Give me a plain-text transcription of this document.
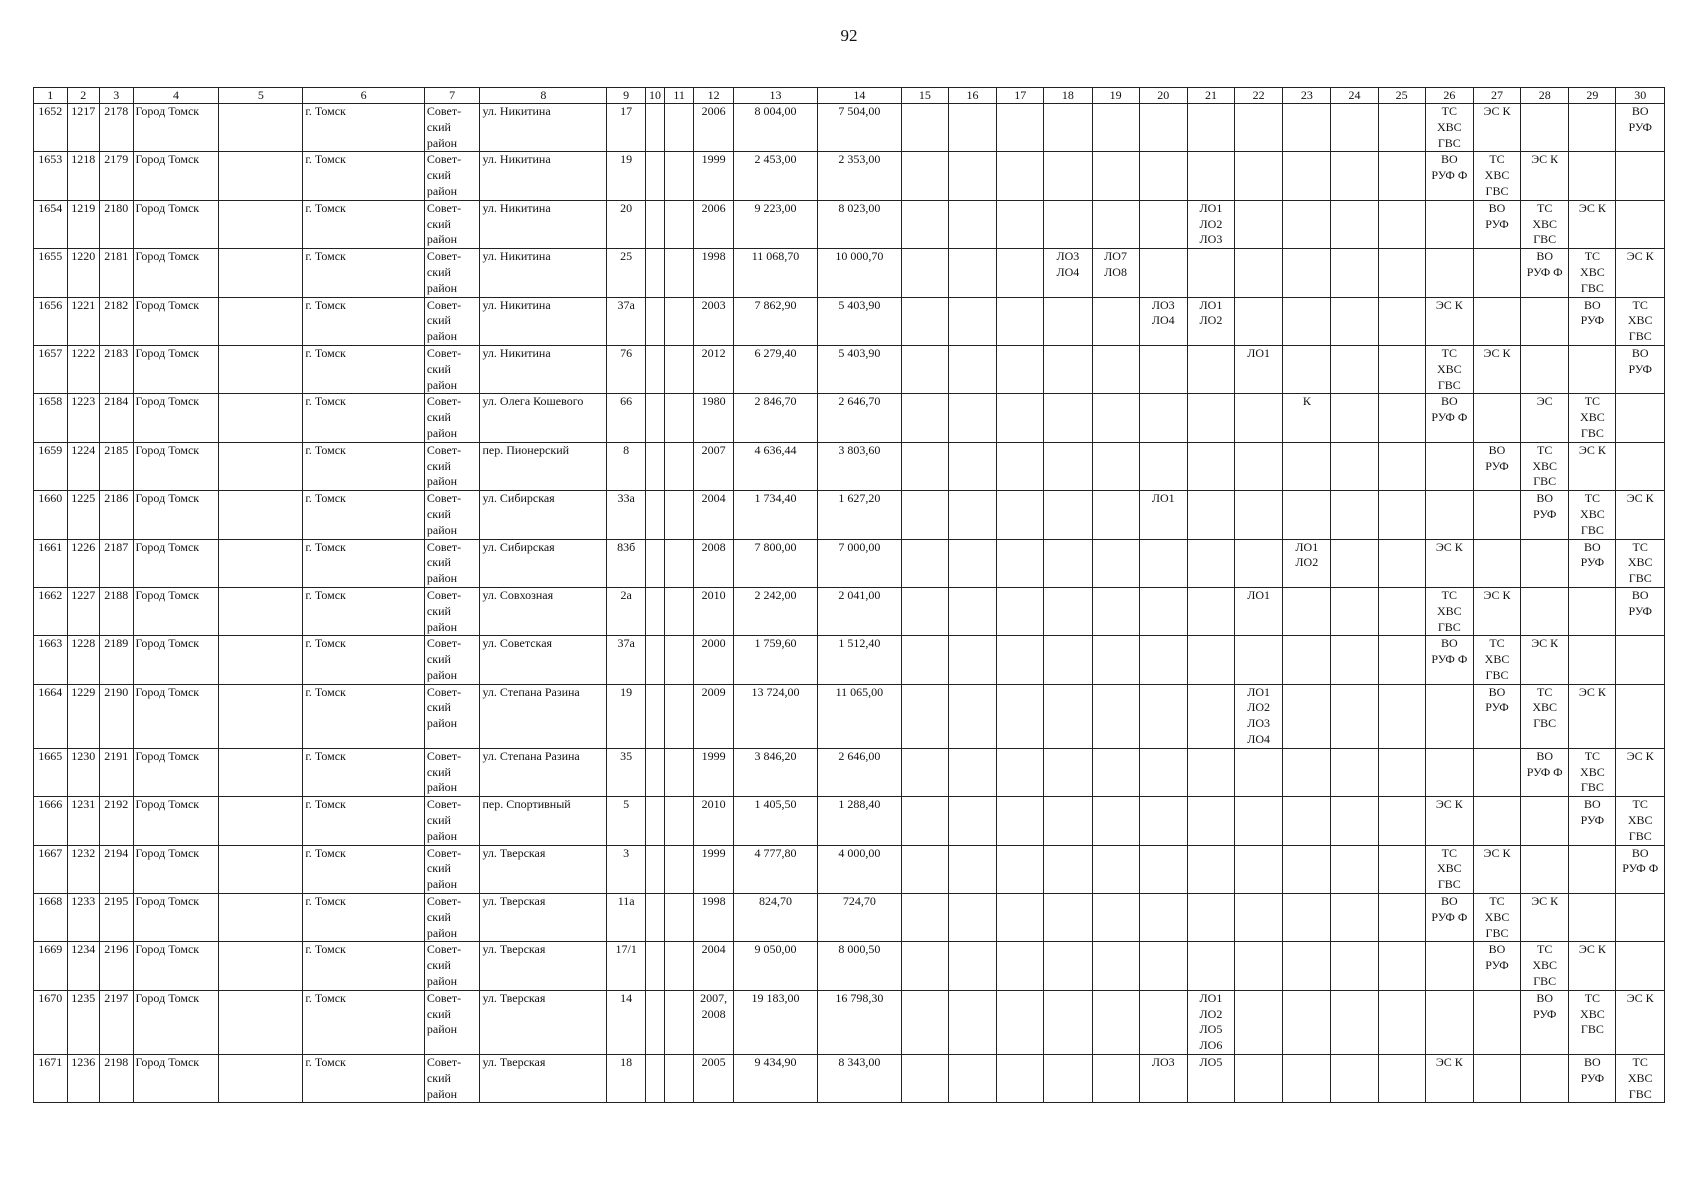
92
1	2	3	4	5	6	7	8	9	10	11	12	13	14	15	16	17	18	19	20	21	22	23	24	25	26	27	28	29	30
1652	1217	2178	Город Томск		г. Томск	Совет-
ский
район	ул. Никитина	17			2006	8 004,00	7 504,00												ТС
ХВС
ГВС	ЭС К			ВО
РУФ
1653	1218	2179	Город Томск		г. Томск	Совет-
ский
район	ул. Никитина	19			1999	2 453,00	2 353,00												ВО
РУФ Ф	ТС
ХВС
ГВС	ЭС К		
1654	1219	2180	Город Томск		г. Томск	Совет-
ский
район	ул. Никитина	20			2006	9 223,00	8 023,00							ЛО1
ЛО2
ЛО3						ВО
РУФ	ТС
ХВС
ГВС	ЭС К	
1655	1220	2181	Город Томск		г. Томск	Совет-
ский
район	ул. Никитина	25			1998	11 068,70	10 000,70				ЛО3
ЛО4	ЛО7
ЛО8									ВО
РУФ Ф	ТС
ХВС
ГВС	ЭС К
1656	1221	2182	Город Томск		г. Томск	Совет-
ский
район	ул. Никитина	37а			2003	7 862,90	5 403,90						ЛО3
ЛО4	ЛО1
ЛО2					ЭС К			ВО
РУФ	ТС
ХВС
ГВС
1657	1222	2183	Город Томск		г. Томск	Совет-
ский
район	ул. Никитина	76			2012	6 279,40	5 403,90								ЛО1				ТС
ХВС
ГВС	ЭС К			ВО
РУФ
1658	1223	2184	Город Томск		г. Томск	Совет-
ский
район	ул. Олега Кошевого	66			1980	2 846,70	2 646,70									К			ВО
РУФ Ф		ЭС	ТС
ХВС
ГВС	
1659	1224	2185	Город Томск		г. Томск	Совет-
ский
район	пер. Пионерский	8			2007	4 636,44	3 803,60													ВО
РУФ	ТС
ХВС
ГВС	ЭС К	
1660	1225	2186	Город Томск		г. Томск	Совет-
ский
район	ул. Сибирская	33а			2004	1 734,40	1 627,20						ЛО1								ВО
РУФ	ТС
ХВС
ГВС	ЭС К
1661	1226	2187	Город Томск		г. Томск	Совет-
ский
район	ул. Сибирская	83б			2008	7 800,00	7 000,00									ЛО1
ЛО2			ЭС К			ВО
РУФ	ТС
ХВС
ГВС
1662	1227	2188	Город Томск		г. Томск	Совет-
ский
район	ул. Совхозная	2а			2010	2 242,00	2 041,00								ЛО1				ТС
ХВС
ГВС	ЭС К			ВО
РУФ
1663	1228	2189	Город Томск		г. Томск	Совет-
ский
район	ул. Советская	37а			2000	1 759,60	1 512,40												ВО
РУФ Ф	ТС
ХВС
ГВС	ЭС К		
1664	1229	2190	Город Томск		г. Томск	Совет-
ский
район	ул. Степана Разина	19			2009	13 724,00	11 065,00								ЛО1
ЛО2
ЛО3
ЛО4					ВО
РУФ	ТС
ХВС
ГВС	ЭС К	
1665	1230	2191	Город Томск		г. Томск	Совет-
ский
район	ул. Степана Разина	35			1999	3 846,20	2 646,00														ВО
РУФ Ф	ТС
ХВС
ГВС	ЭС К
1666	1231	2192	Город Томск		г. Томск	Совет-
ский
район	пер. Спортивный	5			2010	1 405,50	1 288,40												ЭС К			ВО
РУФ	ТС
ХВС
ГВС
1667	1232	2194	Город Томск		г. Томск	Совет-
ский
район	ул. Тверская	3			1999	4 777,80	4 000,00												ТС
ХВС
ГВС	ЭС К			ВО
РУФ Ф
1668	1233	2195	Город Томск		г. Томск	Совет-
ский
район	ул. Тверская	11а			1998	824,70	724,70												ВО
РУФ Ф	ТС
ХВС
ГВС	ЭС К		
1669	1234	2196	Город Томск		г. Томск	Совет-
ский
район	ул. Тверская	17/1			2004	9 050,00	8 000,50													ВО
РУФ	ТС
ХВС
ГВС	ЭС К	
1670	1235	2197	Город Томск		г. Томск	Совет-
ский
район	ул. Тверская	14			2007,
2008	19 183,00	16 798,30							ЛО1
ЛО2
ЛО5
ЛО6							ВО
РУФ	ТС
ХВС
ГВС	ЭС К
1671	1236	2198	Город Томск		г. Томск	Совет-
ский
район	ул. Тверская	18			2005	9 434,90	8 343,00						ЛО3	ЛО5					ЭС К			ВО
РУФ	ТС
ХВС
ГВС
